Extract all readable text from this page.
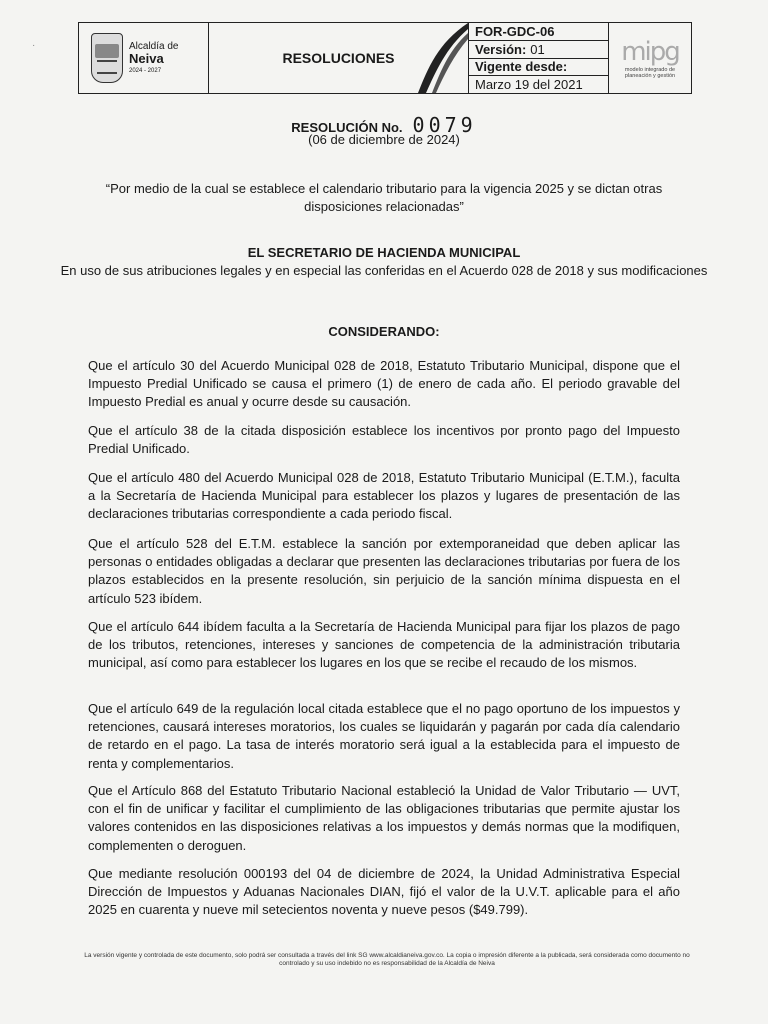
·	Alcaldía de
Neiva
2024 - 2027
RESOLUCIONES
FOR-GDC-06
Versión: 01
Vigente desde:
Marzo 19 del 2021
mipg
modelo integrado de planeación y gestión
RESOLUCIÓN No. 0079
(06 de diciembre de 2024)
“Por medio de la cual se establece el calendario tributario para la vigencia 2025 y se dictan otras disposiciones relacionadas”
EL SECRETARIO DE HACIENDA MUNICIPAL
En uso de sus atribuciones legales y en especial las conferidas en el Acuerdo 028 de 2018 y sus modificaciones
CONSIDERANDO:

Que el artículo 30 del Acuerdo Municipal 028 de 2018, Estatuto Tributario Municipal, dispone que el Impuesto Predial Unificado se causa el primero (1) de enero de cada año. El periodo gravable del Impuesto Predial es anual y ocurre desde su causación.

Que el artículo 38 de la citada disposición establece los incentivos por pronto pago del Impuesto Predial Unificado.

Que el artículo 480 del Acuerdo Municipal 028 de 2018, Estatuto Tributario Municipal (E.T.M.), faculta a la Secretaría de Hacienda Municipal para establecer los plazos y lugares de presentación de las declaraciones tributarias correspondiente a cada periodo fiscal.

Que el artículo 528 del E.T.M. establece la sanción por extemporaneidad que deben aplicar las personas o entidades obligadas a declarar que presenten las declaraciones tributarias por fuera de los plazos establecidos en la presente resolución, sin perjuicio de la sanción mínima dispuesta en el artículo 523 ibídem.

Que el artículo 644 ibídem faculta a la Secretaría de Hacienda Municipal para fijar los plazos de pago de los tributos, retenciones, intereses y sanciones de competencia de la administración tributaria municipal, así como para establecer los lugares en los que se recibe el recaudo de los mismos.

Que el artículo 649 de la regulación local citada establece que el no pago oportuno de los impuestos y retenciones, causará intereses moratorios, los cuales se liquidarán y pagarán por cada día calendario de retardo en el pago. La tasa de interés moratorio será igual a la establecida para el impuesto de renta y complementarios.

Que el Artículo 868 del Estatuto Tributario Nacional estableció la Unidad de Valor Tributario — UVT, con el fin de unificar y facilitar el cumplimiento de las obligaciones tributarias que permite ajustar los valores contenidos en las disposiciones relativas a los impuestos y demás normas que la modifiquen, complementen o deroguen.

Que mediante resolución 000193 del 04 de diciembre de 2024, la Unidad Administrativa Especial Dirección de Impuestos y Aduanas Nacionales DIAN, fijó el valor de la U.V.T. aplicable para el año 2025 en cuarenta y nueve mil setecientos noventa y nueve pesos ($49.799).

La versión vigente y controlada de este documento, solo podrá ser consultada a través del link SG www.alcaldianeiva.gov.co. La copia o impresión diferente a la publicada, será considerada como documento no controlado y su uso indebido no es responsabilidad de la Alcaldía de Neiva
